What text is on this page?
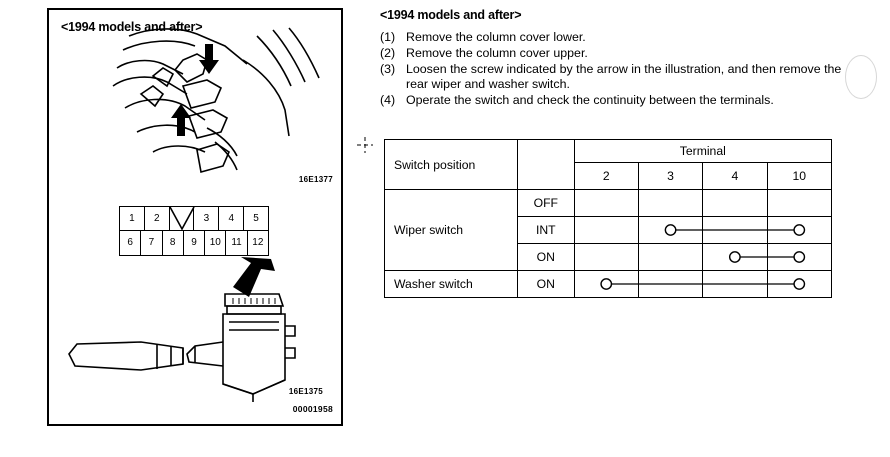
<1994 models and after>
1	2	3	4	5
6	7	8	9	10	11	12
16E1377
16E1375
00001958
<1994 models and after>
(1) Remove the column cover lower.
(2) Remove the column cover upper.
(3) Loosen the screw indicated by the arrow in the illustration, and then remove the rear wiper and washer switch.
(4) Operate the switch and check the continuity between the terminals.
Switch position		Terminal			
		2	3	4	10
Wiper switch	OFF				
	INT				
	ON				
Washer switch	ON				
